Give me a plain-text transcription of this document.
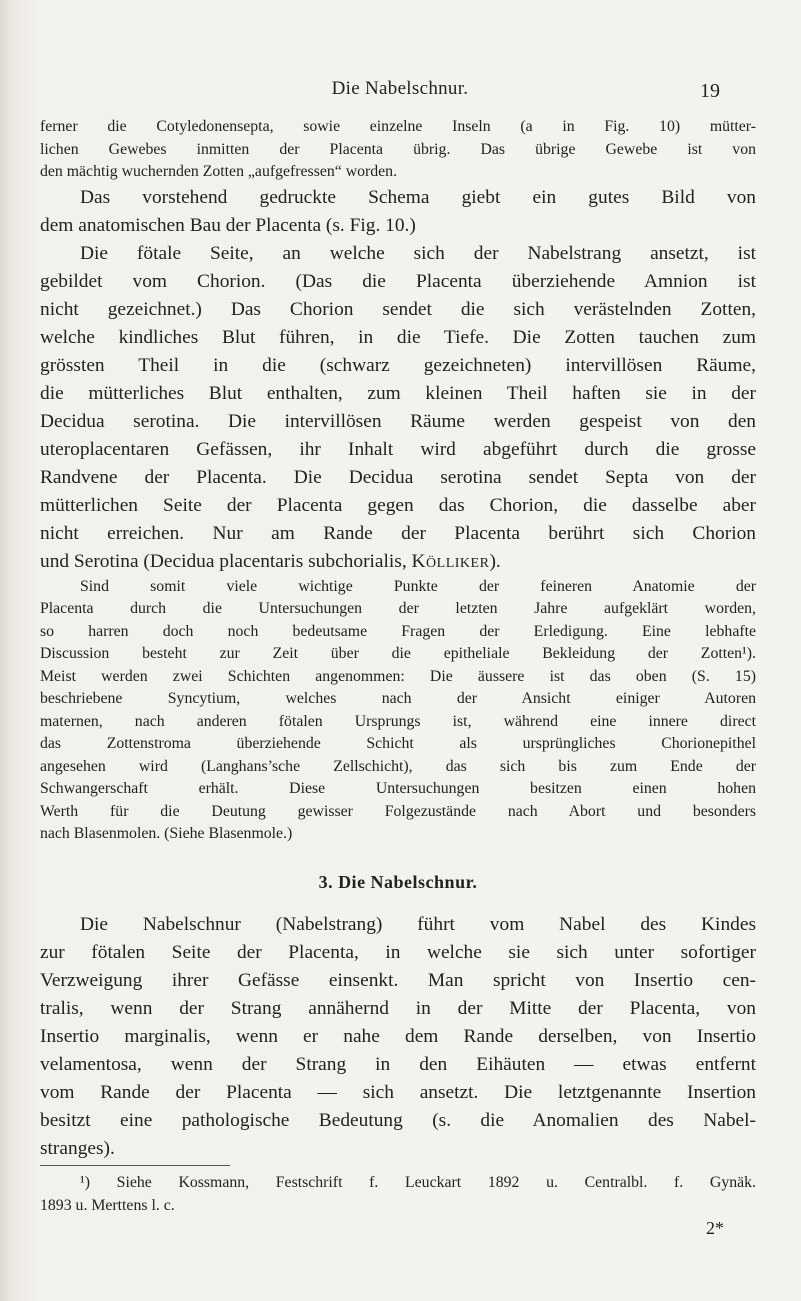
Die Nabelschnur.	19
ferner die Cotyledonensepta, sowie einzelne Inseln (a in Fig. 10) mütter-
lichen Gewebes inmitten der Placenta übrig. Das übrige Gewebe ist von
den mächtig wuchernden Zotten „aufgefressen“ worden.
Das vorstehend gedruckte Schema giebt ein gutes Bild von
dem anatomischen Bau der Placenta (s. Fig. 10.)
Die fötale Seite, an welche sich der Nabelstrang ansetzt, ist
gebildet vom Chorion. (Das die Placenta überziehende Amnion ist
nicht gezeichnet.) Das Chorion sendet die sich verästelnden Zotten,
welche kindliches Blut führen, in die Tiefe. Die Zotten tauchen zum
grössten Theil in die (schwarz gezeichneten) intervillösen Räume,
die mütterliches Blut enthalten, zum kleinen Theil haften sie in der
Decidua serotina. Die intervillösen Räume werden gespeist von den
uteroplacentaren Gefässen, ihr Inhalt wird abgeführt durch die grosse
Randvene der Placenta. Die Decidua serotina sendet Septa von der
mütterlichen Seite der Placenta gegen das Chorion, die dasselbe aber
nicht erreichen. Nur am Rande der Placenta berührt sich Chorion
und Serotina (Decidua placentaris subchorialis, Kölliker).
Sind somit viele wichtige Punkte der feineren Anatomie der
Placenta durch die Untersuchungen der letzten Jahre aufgeklärt worden,
so harren doch noch bedeutsame Fragen der Erledigung. Eine lebhafte
Discussion besteht zur Zeit über die epitheliale Bekleidung der Zotten¹).
Meist werden zwei Schichten angenommen: Die äussere ist das oben (S. 15)
beschriebene Syncytium, welches nach der Ansicht einiger Autoren
maternen, nach anderen fötalen Ursprungs ist, während eine innere direct
das Zottenstroma überziehende Schicht als ursprüngliches Chorionepithel
angesehen wird (Langhans’sche Zellschicht), das sich bis zum Ende der
Schwangerschaft erhält. Diese Untersuchungen besitzen einen hohen
Werth für die Deutung gewisser Folgezustände nach Abort und besonders
nach Blasenmolen. (Siehe Blasenmole.)
3. Die Nabelschnur.
Die Nabelschnur (Nabelstrang) führt vom Nabel des Kindes
zur fötalen Seite der Placenta, in welche sie sich unter sofortiger
Verzweigung ihrer Gefässe einsenkt. Man spricht von Insertio cen-
tralis, wenn der Strang annähernd in der Mitte der Placenta, von
Insertio marginalis, wenn er nahe dem Rande derselben, von Insertio
velamentosa, wenn der Strang in den Eihäuten — etwas entfernt
vom Rande der Placenta — sich ansetzt. Die letztgenannte Insertion
besitzt eine pathologische Bedeutung (s. die Anomalien des Nabel-
stranges).
¹) Siehe Kossmann, Festschrift f. Leuckart 1892 u. Centralbl. f. Gynäk.
1893 u. Merttens l. c.
2*
